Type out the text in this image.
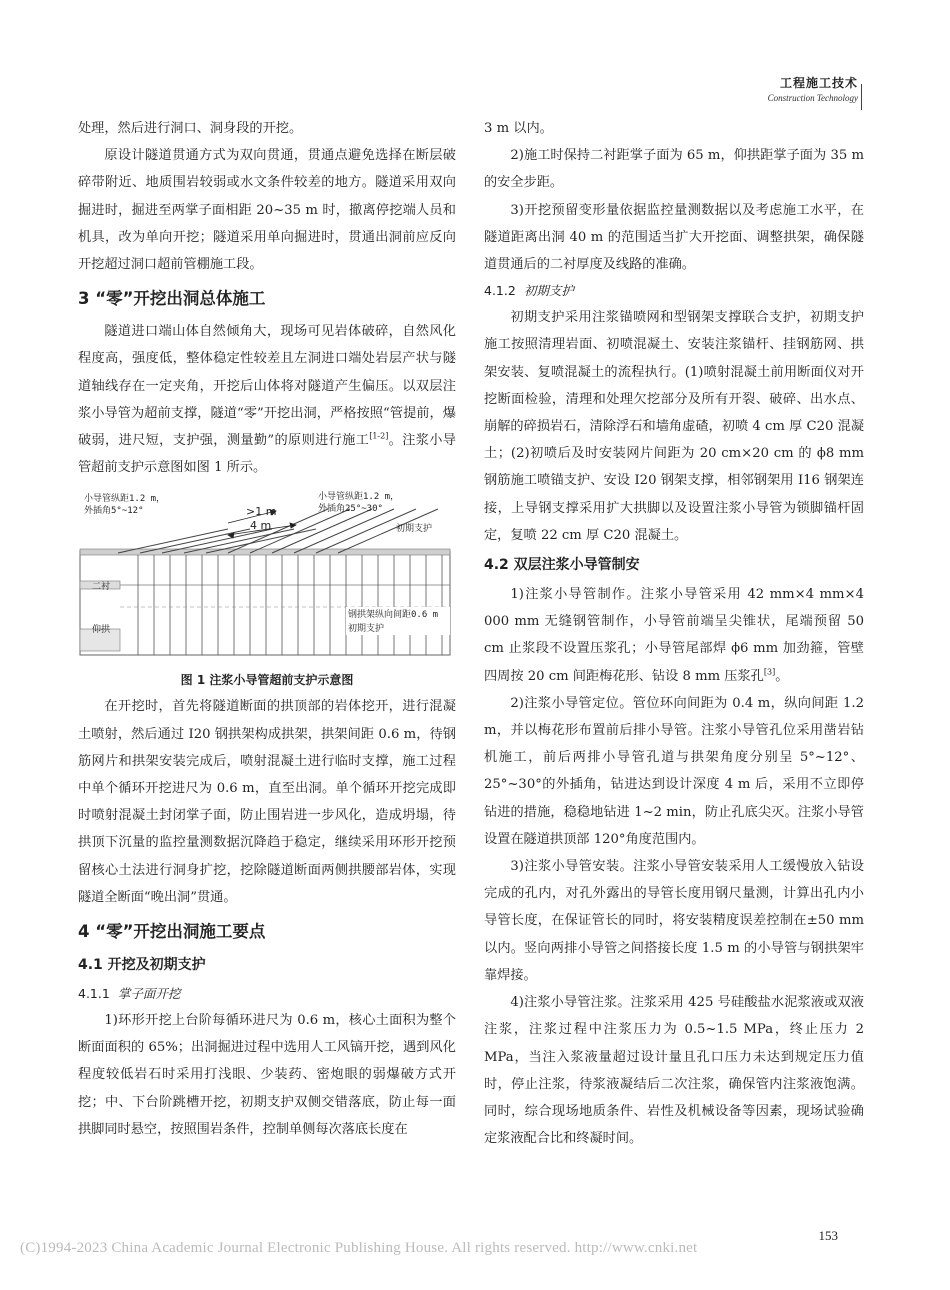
工程施工技术
Construction Technology

处理，然后进行洞口、洞身段的开挖。

原设计隧道贯通方式为双向贯通，贯通点避免选择在断层破碎带附近、地质围岩较弱或水文条件较差的地方。隧道采用双向掘进时，掘进至两掌子面相距 20~35 m 时，撤离停挖端人员和机具，改为单向开挖；隧道采用单向掘进时，贯通出洞前应反向开挖超过洞口超前管棚施工段。

3 “零”开挖出洞总体施工

隧道进口端山体自然倾角大，现场可见岩体破碎，自然风化程度高，强度低，整体稳定性较差且左洞进口端处岩层产状与隧道轴线存在一定夹角，开挖后山体将对隧道产生偏压。以双层注浆小导管为超前支撑，隧道“零”开挖出洞，严格按照“管提前，爆破弱，进尺短，支护强，测量勤”的原则进行施工[1-2]。注浆小导管超前支护示意图如图 1 所示。

小导管纵距1.2 m，
外插角5°~12°	>1 m
4 m
小导管纵距1.2 m，
外插角25°~30°
初期支护
二衬
仰拱
钢拱架纵向间距0.6 m
初期支护
图 1 注浆小导管超前支护示意图

在开挖时，首先将隧道断面的拱顶部的岩体挖开，进行混凝土喷射，然后通过 I20 钢拱架构成拱架，拱架间距 0.6 m，待钢筋网片和拱架安装完成后，喷射混凝土进行临时支撑，施工过程中单个循环开挖进尺为 0.6 m，直至出洞。单个循环开挖完成即时喷射混凝土封闭掌子面，防止围岩进一步风化，造成坍塌，待拱顶下沉量的监控量测数据沉降趋于稳定，继续采用环形开挖预留核心土法进行洞身扩挖，挖除隧道断面两侧拱腰部岩体，实现隧道全断面“晚出洞”贯通。

4 “零”开挖出洞施工要点
4.1 开挖及初期支护
4.1.1 掌子面开挖

1)环形开挖上台阶每循环进尺为 0.6 m，核心土面积为整个断面面积的 65%；出洞掘进过程中选用人工风镐开挖，遇到风化程度较低岩石时采用打浅眼、少装药、密炮眼的弱爆破方式开挖；中、下台阶跳槽开挖，初期支护双侧交错落底，防止每一面拱脚同时悬空，按照围岩条件，控制单侧每次落底长度在

3 m 以内。

2)施工时保持二衬距掌子面为 65 m，仰拱距掌子面为 35 m 的安全步距。

3)开挖预留变形量依据监控量测数据以及考虑施工水平，在隧道距离出洞 40 m 的范围适当扩大开挖面、调整拱架，确保隧道贯通后的二衬厚度及线路的准确。

4.1.2 初期支护

初期支护采用注浆锚喷网和型钢架支撑联合支护，初期支护施工按照清理岩面、初喷混凝土、安装注浆锚杆、挂钢筋网、拱架安装、复喷混凝土的流程执行。(1)喷射混凝土前用断面仪对开挖断面检验，清理和处理欠挖部分及所有开裂、破碎、出水点、崩解的碎损岩石，清除浮石和墙角虚碴，初喷 4 cm 厚 C20 混凝土；(2)初喷后及时安装网片间距为 20 cm×20 cm 的 ϕ8 mm 钢筋施工喷锚支护、安设 I20 钢架支撑，相邻钢架用 I16 钢架连接，上导钢支撑采用扩大拱脚以及设置注浆小导管为锁脚锚杆固定，复喷 22 cm 厚 C20 混凝土。

4.2 双层注浆小导管制安

1)注浆小导管制作。注浆小导管采用 42 mm×4 mm×4 000 mm 无缝钢管制作，小导管前端呈尖锥状，尾端预留 50 cm 止浆段不设置压浆孔；小导管尾部焊 ϕ6 mm 加劲箍，管壁四周按 20 cm 间距梅花形、钻设 8 mm 压浆孔[3]。

2)注浆小导管定位。管位环向间距为 0.4 m，纵向间距 1.2 m，并以梅花形布置前后排小导管。注浆小导管孔位采用凿岩钻机施工，前后两排小导管孔道与拱架角度分别呈 5°~12°、25°~30°的外插角，钻进达到设计深度 4 m 后，采用不立即停钻进的措施，稳稳地钻进 1~2 min，防止孔底尖灭。注浆小导管设置在隧道拱顶部 120°角度范围内。

3)注浆小导管安装。注浆小导管安装采用人工缓慢放入钻设完成的孔内，对孔外露出的导管长度用钢尺量测，计算出孔内小导管长度，在保证管长的同时，将安装精度误差控制在±50 mm 以内。竖向两排小导管之间搭接长度 1.5 m 的小导管与钢拱架牢靠焊接。

4)注浆小导管注浆。注浆采用 425 号硅酸盐水泥浆液或双液注浆，注浆过程中注浆压力为 0.5~1.5 MPa，终止压力 2 MPa，当注入浆液量超过设计量且孔口压力未达到规定压力值时，停止注浆，待浆液凝结后二次注浆，确保管内注浆液饱满。同时，综合现场地质条件、岩性及机械设备等因素，现场试验确定浆液配合比和终凝时间。

153
(C)1994-2023 China Academic Journal Electronic Publishing House. All rights reserved. http://www.cnki.net
